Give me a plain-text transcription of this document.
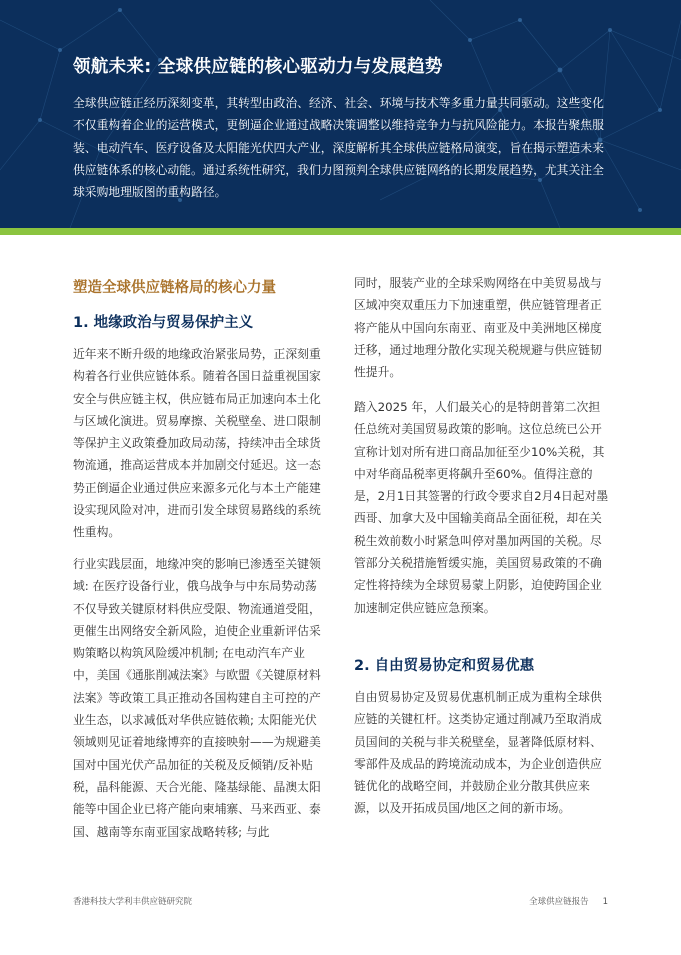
领航未来: 全球供应链的核心驱动力与发展趋势
全球供应链正经历深刻变革，其转型由政治、经济、社会、环境与技术等多重力量共同驱动。这些变化不仅重构着企业的运营模式，更倒逼企业通过战略决策调整以维持竞争力与抗风险能力。本报告聚焦服装、电动汽车、医疗设备及太阳能光伏四大产业，深度解析其全球供应链格局演变，旨在揭示塑造未来供应链体系的核心动能。通过系统性研究，我们力图预判全球供应链网络的长期发展趋势，尤其关注全球采购地理版图的重构路径。
塑造全球供应链格局的核心力量
1. 地缘政治与贸易保护主义
近年来不断升级的地缘政治紧张局势，正深刻重构着各行业供应链体系。随着各国日益重视国家安全与供应链主权，供应链布局正加速向本土化与区域化演进。贸易摩擦、关税壁垒、进口限制等保护主义政策叠加政局动荡，持续冲击全球货物流通，推高运营成本并加剧交付延迟。这一态势正倒逼企业通过供应来源多元化与本土产能建设实现风险对冲，进而引发全球贸易路线的系统性重构。
行业实践层面，地缘冲突的影响已渗透至关键领域: 在医疗设备行业，俄乌战争与中东局势动荡不仅导致关键原材料供应受限、物流通道受阻，更催生出网络安全新风险，迫使企业重新评估采购策略以构筑风险缓冲机制; 在电动汽车产业中，美国《通胀削减法案》与欧盟《关键原材料法案》等政策工具正推动各国构建自主可控的产业生态，以求减低对华供应链依赖; 太阳能光伏领域则见证着地缘博弈的直接映射——为规避美国对中国光伏产品加征的关税及反倾销/反补贴税，晶科能源、天合光能、隆基绿能、晶澳太阳能等中国企业已将产能向柬埔寨、马来西亚、泰国、越南等东南亚国家战略转移; 与此
同时，服装产业的全球采购网络在中美贸易战与区域冲突双重压力下加速重塑，供应链管理者正将产能从中国向东南亚、南亚及中美洲地区梯度迁移，通过地理分散化实现关税规避与供应链韧性提升。
踏入2025 年，人们最关心的是特朗普第二次担任总统对美国贸易政策的影响。这位总统已公开宣称计划对所有进口商品加征至少10%关税，其中对华商品税率更将飙升至60%。值得注意的是，2月1日其签署的行政令要求自2月4日起对墨西哥、加拿大及中国输美商品全面征税，却在关税生效前数小时紧急叫停对墨加两国的关税。尽管部分关税措施暂缓实施，美国贸易政策的不确定性将持续为全球贸易蒙上阴影，迫使跨国企业加速制定供应链应急预案。
2. 自由贸易协定和贸易优惠
自由贸易协定及贸易优惠机制正成为重构全球供应链的关键杠杆。这类协定通过削减乃至取消成员国间的关税与非关税壁垒，显著降低原材料、零部件及成品的跨境流动成本，为企业创造供应链优化的战略空间，并鼓励企业分散其供应来源，以及开拓成员国/地区之间的新市场。
香港科技大学利丰供应链研究院	全球供应链报告 1
